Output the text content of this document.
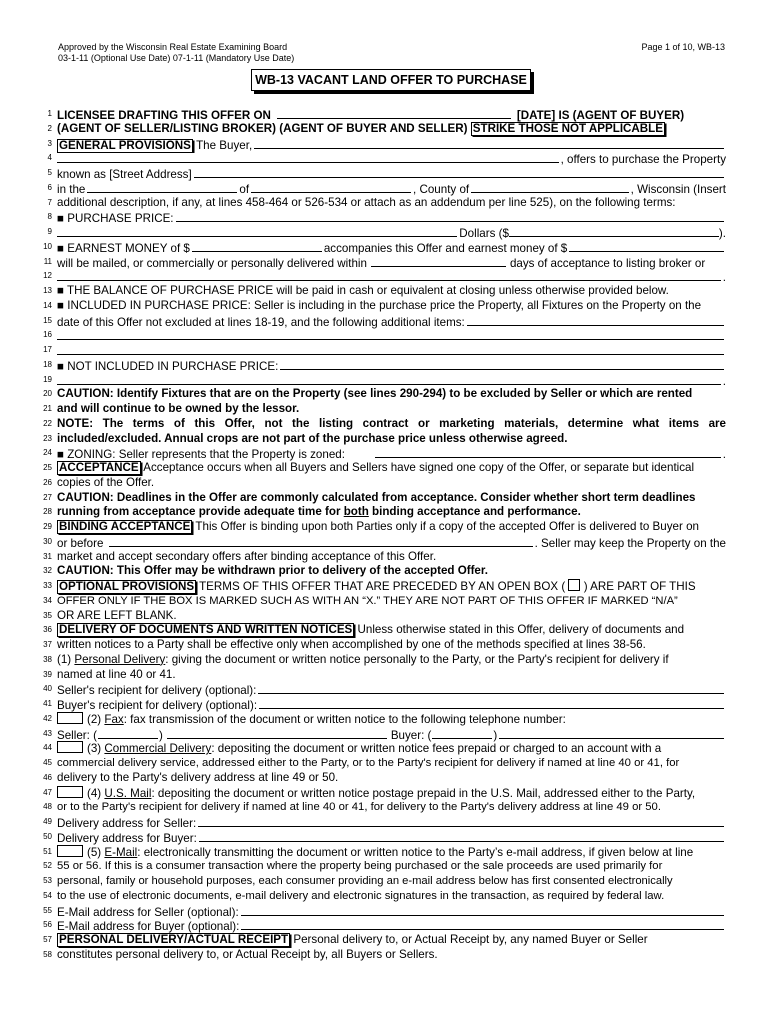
Approved by the Wisconsin Real Estate Examining Board
03-1-11 (Optional Use Date) 07-1-11 (Mandatory Use Date)
Page 1 of 10, WB-13
WB-13 VACANT LAND OFFER TO PURCHASE
1 LICENSEE DRAFTING THIS OFFER ON	[DATE] IS (AGENT OF BUYER)
2 (AGENT OF SELLER/LISTING BROKER) (AGENT OF BUYER AND SELLER) STRIKE THOSE NOT APPLICABLE
3 GENERAL PROVISIONS
The Buyer,
4	, offers to purchase the Property
5 known as [Street Address]
6 in the	of	, County of	, Wisconsin (Insert
7 additional description, if any, at lines 458-464 or 526-534 or attach as an addendum per line 525), on the following terms:
8 ■ PURCHASE PRICE:
9	Dollars ($	).
10 ■ EARNEST MONEY of $	accompanies this Offer and earnest money of $
11 will be mailed, or commercially or personally delivered within	days of acceptance to listing broker or
12	.
13 ■ THE BALANCE OF PURCHASE PRICE will be paid in cash or equivalent at closing unless otherwise provided below.
14 ■ INCLUDED IN PURCHASE PRICE: Seller is including in the purchase price the Property, all Fixtures on the Property on the
15 date of this Offer not excluded at lines 18-19, and the following additional items:
16
17
18 ■ NOT INCLUDED IN PURCHASE PRICE:
19	.
20 CAUTION: Identify Fixtures that are on the Property (see lines 290-294) to be excluded by Seller or which are rented
21 and will continue to be owned by the lessor.
22 NOTE: The terms of this Offer, not the listing contract or marketing materials, determine what items are
23 included/excluded. Annual crops are not part of the purchase price unless otherwise agreed.
24 ■ ZONING: Seller represents that the Property is zoned:	.
25 ACCEPTANCE Acceptance occurs when all Buyers and Sellers have signed one copy of the Offer, or separate but identical
26 copies of the Offer.
27 CAUTION: Deadlines in the Offer are commonly calculated from acceptance. Consider whether short term deadlines
28 running from acceptance provide adequate time for both binding acceptance and performance.
29 BINDING ACCEPTANCE This Offer is binding upon both Parties only if a copy of the accepted Offer is delivered to Buyer on
30 or before	. Seller may keep the Property on the
31 market and accept secondary offers after binding acceptance of this Offer.
32 CAUTION: This Offer may be withdrawn prior to delivery of the accepted Offer.
33 OPTIONAL PROVISIONS TERMS OF THIS OFFER THAT ARE PRECEDED BY AN OPEN BOX ( ) ARE PART OF THIS
34 OFFER ONLY IF THE BOX IS MARKED SUCH AS WITH AN “X.” THEY ARE NOT PART OF THIS OFFER IF MARKED “N/A”
35 OR ARE LEFT BLANK.
36 DELIVERY OF DOCUMENTS AND WRITTEN NOTICES Unless otherwise stated in this Offer, delivery of documents and
37 written notices to a Party shall be effective only when accomplished by one of the methods specified at lines 38-56.
38 (1) Personal Delivery: giving the document or written notice personally to the Party, or the Party's recipient for delivery if
39 named at line 40 or 41.
40 Seller's recipient for delivery (optional):
41 Buyer's recipient for delivery (optional):
42	(2) Fax: fax transmission of the document or written notice to the following telephone number:
43 Seller: (	)	Buyer: (	)
44	(3) Commercial Delivery: depositing the document or written notice fees prepaid or charged to an account with a
45 commercial delivery service, addressed either to the Party, or to the Party's recipient for delivery if named at line 40 or 41, for
46 delivery to the Party's delivery address at line 49 or 50.
47	(4) U.S. Mail: depositing the document or written notice postage prepaid in the U.S. Mail, addressed either to the Party,
48 or to the Party's recipient for delivery if named at line 40 or 41, for delivery to the Party's delivery address at line 49 or 50.
49 Delivery address for Seller:
50 Delivery address for Buyer:
51	(5) E-Mail: electronically transmitting the document or written notice to the Party’s e-mail address, if given below at line
52 55 or 56. If this is a consumer transaction where the property being purchased or the sale proceeds are used primarily for
53 personal, family or household purposes, each consumer providing an e-mail address below has first consented electronically
54 to the use of electronic documents, e-mail delivery and electronic signatures in the transaction, as required by federal law.
55 E-Mail address for Seller (optional):
56 E-Mail address for Buyer (optional):
57 PERSONAL DELIVERY/ACTUAL RECEIPT Personal delivery to, or Actual Receipt by, any named Buyer or Seller
58 constitutes personal delivery to, or Actual Receipt by, all Buyers or Sellers.
